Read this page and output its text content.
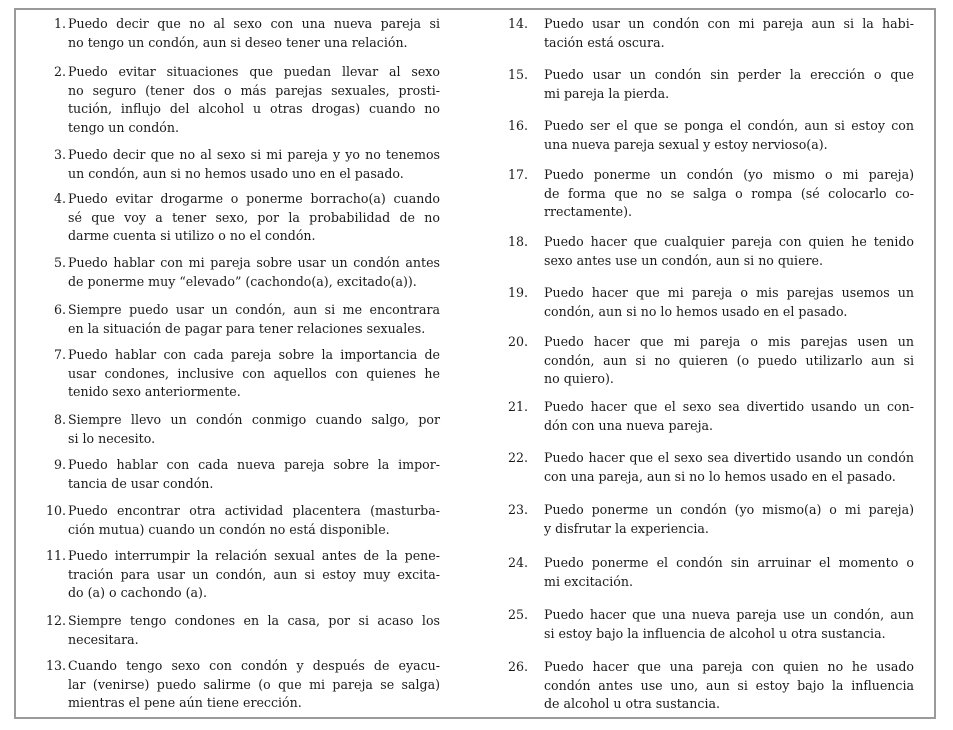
1. Puedo decir que no al sexo con una nueva pareja si
no tengo un condón, aun si deseo tener una relación.
2. Puedo evitar situaciones que puedan llevar al sexo
no seguro (tener dos o más parejas sexuales, prosti-
tución, influjo del alcohol u otras drogas) cuando no
tengo un condón.
3. Puedo decir que no al sexo si mi pareja y yo no tenemos
un condón, aun si no hemos usado uno en el pasado.
4. Puedo evitar drogarme o ponerme borracho(a) cuando
sé que voy a tener sexo, por la probabilidad de no
darme cuenta si utilizo o no el condón.
5. Puedo hablar con mi pareja sobre usar un condón antes
de ponerme muy “elevado” (cachondo(a), excitado(a)).
6. Siempre puedo usar un condón, aun si me encontrara
en la situación de pagar para tener relaciones sexuales.
7. Puedo hablar con cada pareja sobre la importancia de
usar condones, inclusive con aquellos con quienes he
tenido sexo anteriormente.
8. Siempre llevo un condón conmigo cuando salgo, por
si lo necesito.
9. Puedo hablar con cada nueva pareja sobre la impor-
tancia de usar condón.
10. Puedo encontrar otra actividad placentera (masturba-
ción mutua) cuando un condón no está disponible.
11. Puedo interrumpir la relación sexual antes de la pene-
tración para usar un condón, aun si estoy muy excita-
do (a) o cachondo (a).
12. Siempre tengo condones en la casa, por si acaso los
necesitara.
13. Cuando tengo sexo con condón y después de eyacu-
lar (venirse) puedo salirme (o que mi pareja se salga)
mientras el pene aún tiene erección.
14. Puedo usar un condón con mi pareja aun si la habi-
tación está oscura.
15. Puedo usar un condón sin perder la erección o que
mi pareja la pierda.
16. Puedo ser el que se ponga el condón, aun si estoy con
una nueva pareja sexual y estoy nervioso(a).
17. Puedo ponerme un condón (yo mismo o mi pareja)
de forma que no se salga o rompa (sé colocarlo co-
rrectamente).
18. Puedo hacer que cualquier pareja con quien he tenido
sexo antes use un condón, aun si no quiere.
19. Puedo hacer que mi pareja o mis parejas usemos un
condón, aun si no lo hemos usado en el pasado.
20. Puedo hacer que mi pareja o mis parejas usen un
condón, aun si no quieren (o puedo utilizarlo aun si
no quiero).
21. Puedo hacer que el sexo sea divertido usando un con-
dón con una nueva pareja.
22. Puedo hacer que el sexo sea divertido usando un condón
con una pareja, aun si no lo hemos usado en el pasado.
23. Puedo ponerme un condón (yo mismo(a) o mi pareja)
y disfrutar la experiencia.
24. Puedo ponerme el condón sin arruinar el momento o
mi excitación.
25. Puedo hacer que una nueva pareja use un condón, aun
si estoy bajo la influencia de alcohol u otra sustancia.
26. Puedo hacer que una pareja con quien no he usado
condón antes use uno, aun si estoy bajo la influencia
de alcohol u otra sustancia.
